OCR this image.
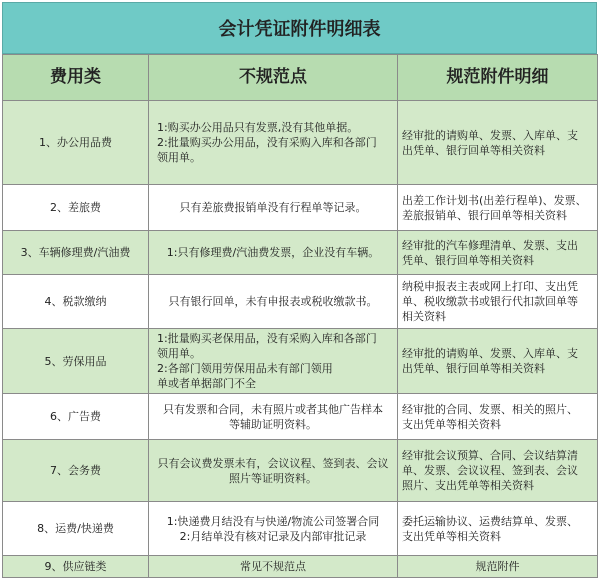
会计凭证附件明细表
费用类	不规范点	规范附件明细
1、办公用品费	1:购买办公用品只有发票,没有其他单据。
2:批量购买办公用品，没有采购入库和各部门
领用单。	经审批的请购单、发票、入库单、支
出凭单、银行回单等相关资料
2、差旅费	只有差旅费报销单没有行程单等记录。	出差工作计划书(出差行程单)、发票、
差旅报销单、银行回单等相关资料
3、车辆修理费/汽油费	1:只有修理费/汽油费发票，企业没有车辆。	经审批的汽车修理清单、发票、支出
凭单、银行回单等相关资料
4、税款缴纳	只有银行回单，未有申报表或税收缴款书。	纳税申报表主表或网上打印、支出凭
单、税收缴款书或银行代扣款回单等
相关资料
5、劳保用品	1:批量购买老保用品，没有采购入库和各部门
领用单。
2:各部门领用劳保用品未有部门领用
单或者单据部门不全	经审批的请购单、发票、入库单、支
出凭单、银行回单等相关资料
6、广告费	只有发票和合同，未有照片或者其他广告样本
等辅助证明资料。	经审批的合同、发票、相关的照片、
支出凭单等相关资料
7、会务费	只有会议费发票未有，会议议程、签到表、会议
照片等证明资料。	经审批会议预算、合同、会议结算清
单、发票、会议议程、签到表、会议
照片、支出凭单等相关资料
8、运费/快递费	1:快递费月结没有与快递/物流公司签署合同
2:月结单没有核对记录及内部审批记录	委托运输协议、运费结算单、发票、
支出凭单等相关资料
9、供应链类	常见不规范点	规范附件
